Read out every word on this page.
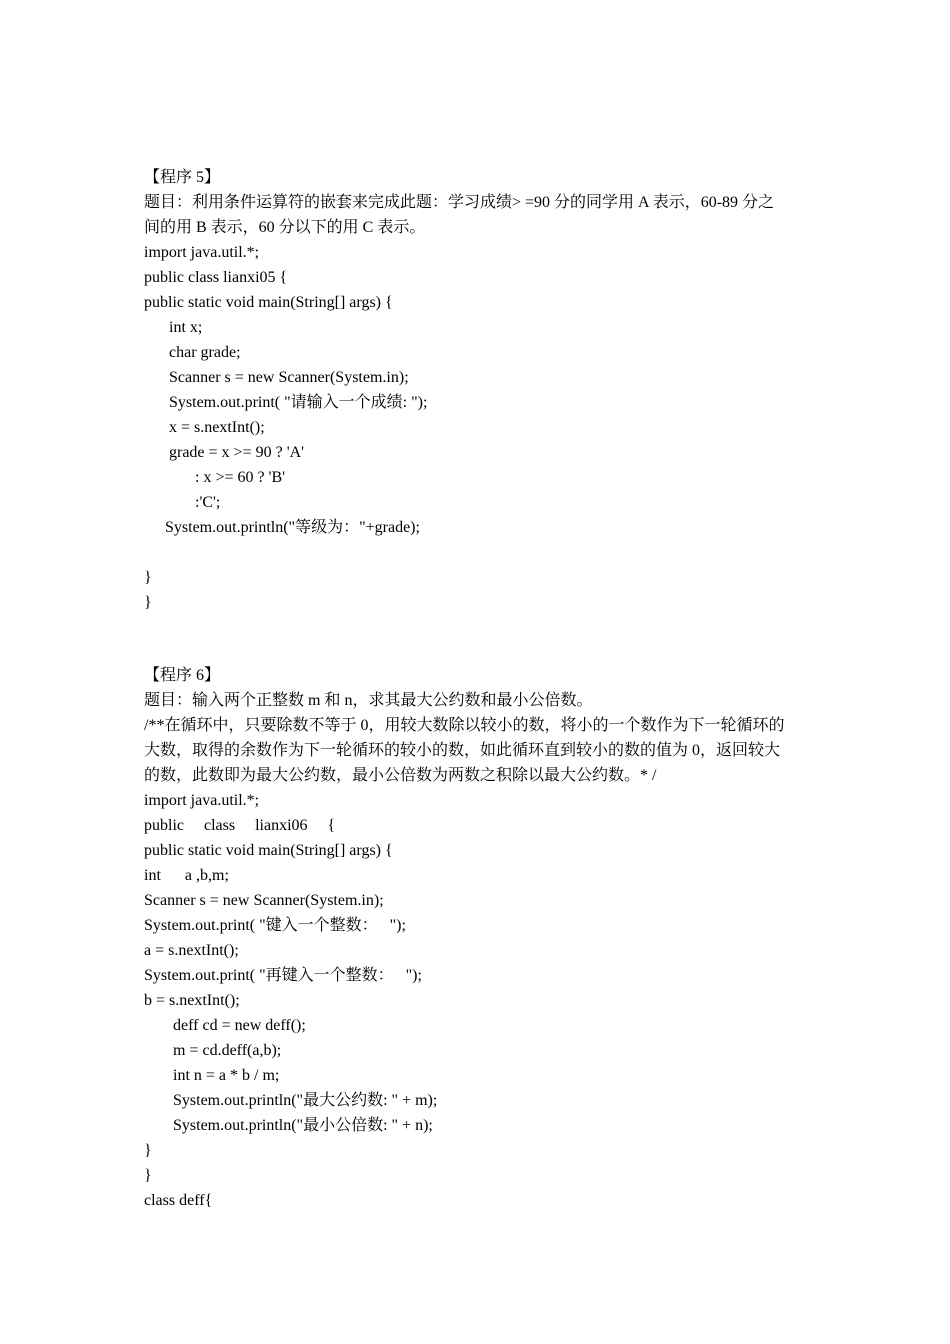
【程序 5】
题目：利用条件运算符的嵌套来完成此题：学习成绩> =90 分的同学用 A 表示，60-89 分之
间的用 B 表示，60 分以下的用 C 表示。
import java.util.*;
public class lianxi05 {
public static void main(String[] args) {
int x;
char grade;
Scanner s = new Scanner(System.in);
System.out.print( "请输入一个成绩: ");
x = s.nextInt();
grade = x >= 90 ? 'A'
: x >= 60 ? 'B'
:'C';
System.out.println("等级为："+grade);
}
}
【程序 6】
题目：输入两个正整数 m 和 n，求其最大公约数和最小公倍数。
/**在循环中，只要除数不等于 0，用较大数除以较小的数，将小的一个数作为下一轮循环的
大数，取得的余数作为下一轮循环的较小的数，如此循环直到较小的数的值为 0，返回较大
的数，此数即为最大公约数，最小公倍数为两数之积除以最大公约数。* /
import java.util.*;
public     class     lianxi06     {
public static void main(String[] args) {
int      a ,b,m;
Scanner s = new Scanner(System.in);
System.out.print( "键入一个整数：   ");
a = s.nextInt();
System.out.print( "再键入一个整数：   ");
b = s.nextInt();
deff cd = new deff();
m = cd.deff(a,b);
int n = a * b / m;
System.out.println("最大公约数: " + m);
System.out.println("最小公倍数: " + n);
}
}
class deff{
